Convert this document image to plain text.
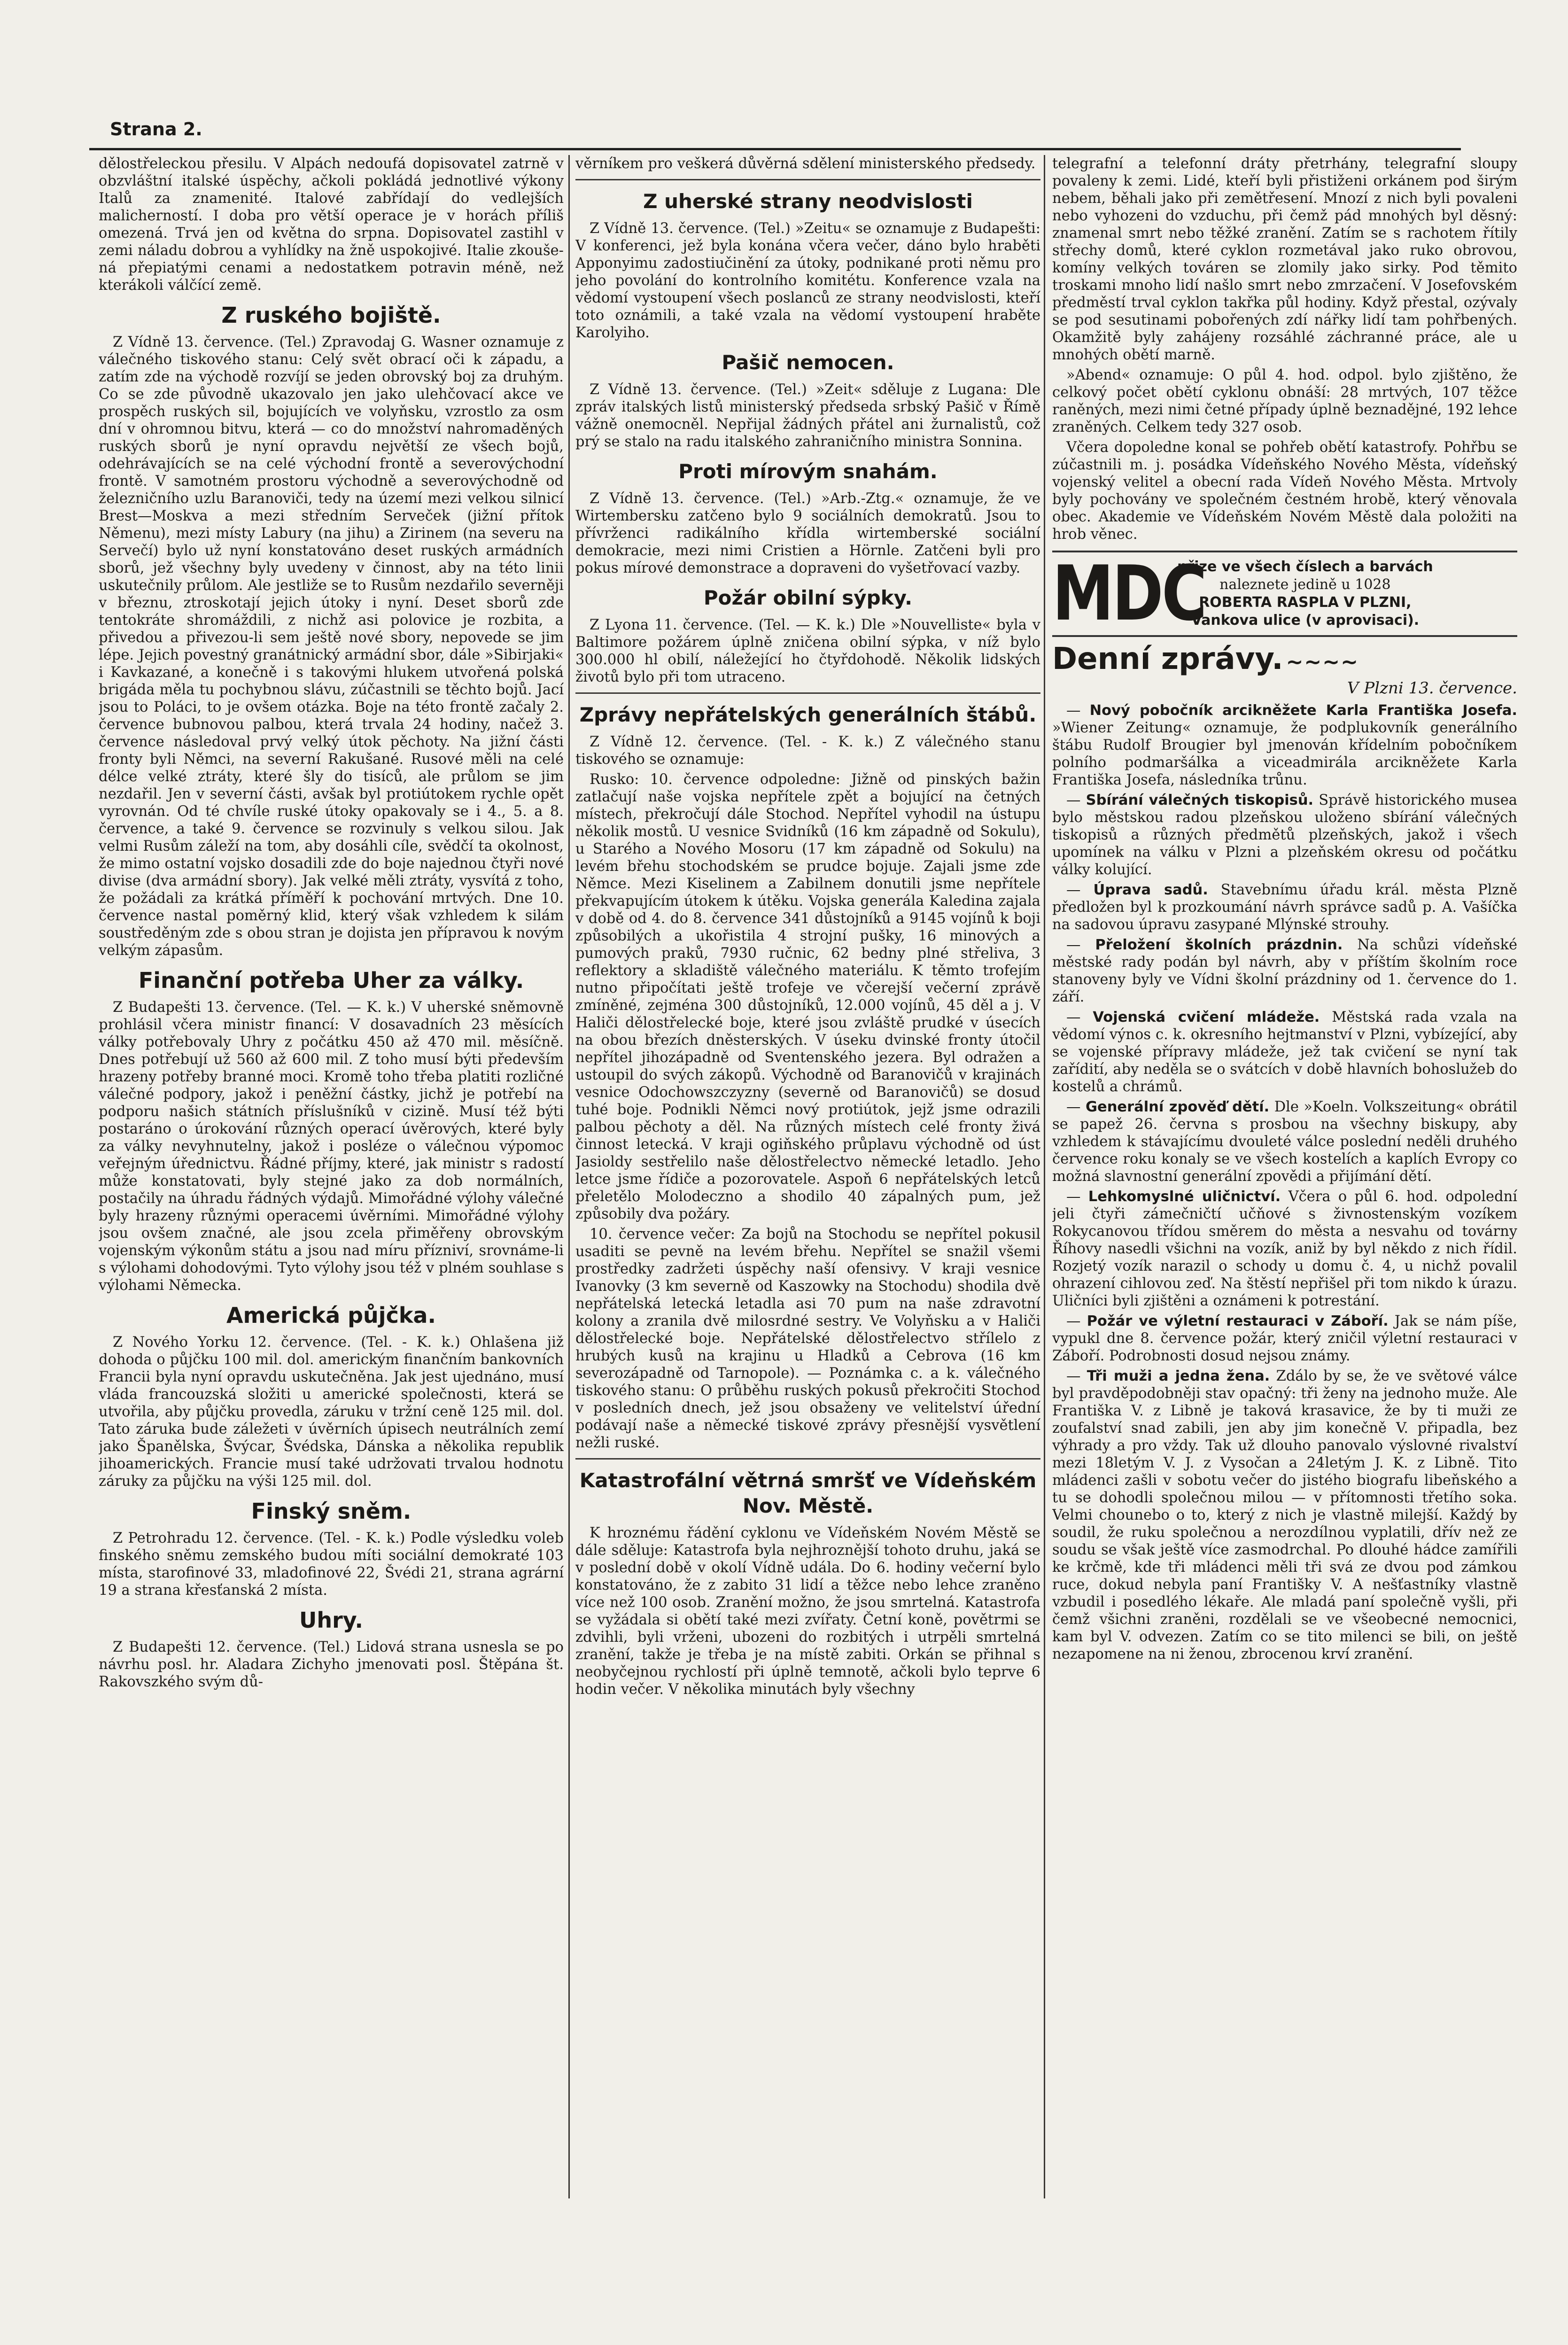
Strana 2.

dělostřeleckou přesilu. V Alpách nedoufá dopisovatel zatrně v obzvláštní italské úspěchy, ačkoli pokládá jednotlivé výkony Italů za znamenité. Italové zabřídají do vedlejších malicherností. I doba pro větší operace je v horách příliš omezená. Trvá jen od května do srpna. Dopisovatel zastihl v zemi náladu dobrou a vyhlídky na žně uspokojivé. Italie zkouše-ná přepiatými cenami a nedostatkem potravin méně, než kterákoli válčící země.

Z ruského bojiště.

Z Vídně 13. července. (Tel.) Zpravodaj G. Wasner oznamuje z válečného tiskového stanu: Celý svět obrací oči k západu, a zatím zde na východě rozvíjí se jeden obrovský boj za druhým. Co se zde původně ukazovalo jen jako ulehčovací akce ve prospěch ruských sil, bojujících ve volyňsku, vzrostlo za osm dní v ohromnou bitvu, která — co do množství nahromaděných ruských sborů je nyní opravdu největší ze všech bojů, odehrávajících se na celé východní frontě a severovýchodní frontě. V samotném prostoru východně a severovýchodně od železničního uzlu Baranoviči, tedy na území mezi velkou silnicí Brest—Moskva a mezi středním Serveček (jižní přítok Němenu), mezi místy Labury (na jihu) a Zirinem (na severu na Servečí) bylo už nyní konstatováno deset ruských armádních sborů, jež všechny byly uvedeny v činnost, aby na této linii uskutečnily průlom. Ale jestliže se to Rusům nezdařilo severněji v březnu, ztroskotají jejich útoky i nyní. Deset sborů zde tentokráte shromáždili, z nichž asi polovice je rozbita, a přivedou a přivezou-li sem ještě nové sbory, nepovede se jim lépe. Jejich povestný granátnický armádní sbor, dále »Sibirjaki« i Kavkazané, a konečně i s takovými hlukem utvořená polská brigáda měla tu pochybnou slávu, zúčastnili se těchto bojů. Jací jsou to Poláci, to je ovšem otázka. Boje na této frontě začaly 2. července bubnovou palbou, která trvala 24 hodiny, načež 3. července následoval prvý velký útok pěchoty. Na jižní části fronty byli Němci, na severní Rakušané. Rusové měli na celé délce velké ztráty, které šly do tisíců, ale průlom se jim nezdařil. Jen v severní části, avšak byl protiútokem rychle opět vyrovnán. Od té chvíle ruské útoky opakovaly se i 4., 5. a 8. července, a také 9. července se rozvinuly s velkou silou. Jak velmi Rusům záleží na tom, aby dosáhli cíle, svědčí ta okolnost, že mimo ostatní vojsko dosadili zde do boje najednou čtyři nové divise (dva armádní sbory). Jak velké měli ztráty, vysvítá z toho, že požádali za krátká příměří k pochování mrtvých. Dne 10. července nastal poměrný klid, který však vzhledem k silám soustředěným zde s obou stran je dojista jen přípravou k novým velkým zápasům.

Finanční potřeba Uher za války.

Z Budapešti 13. července. (Tel. — K. k.) V uherské sněmovně prohlásil včera ministr financí: V dosavadních 23 měsících války potřebovaly Uhry z počátku 450 až 470 mil. měsíčně. Dnes potřebují už 560 až 600 mil. Z toho musí býti především hrazeny potřeby branné moci. Kromě toho třeba platiti rozličné válečné podpory, jakož i peněžní částky, jichž je potřebí na podporu našich státních příslušníků v cizině. Musí též býti postaráno o úrokování různých operací úvěrových, které byly za války nevyhnutelny, jakož i posléze o válečnou výpomoc veřejným úřednictvu. Řádné příjmy, které, jak ministr s radostí může konstatovati, byly stejné jako za dob normálních, postačily na úhradu řádných výdajů. Mimořádné výlohy válečné byly hrazeny různými operacemi úvěrními. Mimořádné výlohy jsou ovšem značné, ale jsou zcela přiměřeny obrovským vojenským výkonům státu a jsou nad míru přízniví, srovnáme-li s výlohami dohodovými. Tyto výlohy jsou též v plném souhlase s výlohami Německa.

Americká půjčka.

Z Nového Yorku 12. července. (Tel. - K. k.) Ohlašena již dohoda o půjčku 100 mil. dol. americkým finančním bankovních Francii byla nyní opravdu uskutečněna. Jak jest ujednáno, musí vláda francouzská složiti u americké společnosti, která se utvořila, aby půjčku provedla, záruku v tržní ceně 125 mil. dol. Tato záruka bude záležeti v úvěrních úpisech neutrálních zemí jako Španělska, Švýcar, Švédska, Dánska a několika republik jihoamerických. Francie musí také udržovati trvalou hodnotu záruky za půjčku na výši 125 mil. dol.

Finský sněm.

Z Petrohradu 12. července. (Tel. - K. k.) Podle výsledku voleb finského sněmu zemského budou míti sociální demokraté 103 místa, starofinové 33, mladofinové 22, Švédi 21, strana agrární 19 a strana křesťanská 2 místa.

Uhry.

Z Budapešti 12. července. (Tel.) Lidová strana usnesla se po návrhu posl. hr. Aladara Zichyho jmenovati posl. Štěpána št. Rakovszkého svým dů-

věrníkem pro veškerá důvěrná sdělení ministerského předsedy.

Z uherské strany neodvislosti

Z Vídně 13. července. (Tel.) »Zeitu« se oznamuje z Budapešti: V konferenci, jež byla konána včera večer, dáno bylo hraběti Apponyimu zadostiučinění za útoky, podnikané proti němu pro jeho povolání do kontrolního komitétu. Konference vzala na vědomí vystoupení všech poslanců ze strany neodvislosti, kteří toto oznámili, a také vzala na vědomí vystoupení hraběte Karolyiho.

Pašič nemocen.

Z Vídně 13. července. (Tel.) »Zeit« sděluje z Lugana: Dle zpráv italských listů ministerský předseda srbský Pašič v Římě vážně onemocněl. Nepřijal žádných přátel ani žurnalistů, což prý se stalo na radu italského zahraničního ministra Sonnina.

Proti mírovým snahám.

Z Vídně 13. července. (Tel.) »Arb.-Ztg.« oznamuje, že ve Wirtembersku zatčeno bylo 9 sociálních demokratů. Jsou to přívrženci radikálního křídla wirtemberské sociální demokracie, mezi nimi Cristien a Hörnle. Zatčeni byli pro pokus mírové demonstrace a dopraveni do vyšetřovací vazby.

Požár obilní sýpky.

Z Lyona 11. července. (Tel. — K. k.) Dle »Nouvelliste« byla v Baltimore požárem úplně zničena obilní sýpka, v níž bylo 300.000 hl obilí, náležející ho čtyřdohodě. Několik lidských životů bylo při tom utraceno.

Zprávy nepřátelských generálních štábů.

Z Vídně 12. července. (Tel. - K. k.) Z válečného stanu tiskového se oznamuje:

Rusko: 10. července odpoledne: Jižně od pinských bažin zatlačují naše vojska nepřítele zpět a bojující na četných místech, překročují dále Stochod. Nepřítel vyhodil na ústupu několik mostů. U vesnice Svidníků (16 km západně od Sokulu), u Starého a Nového Mosoru (17 km západně od Sokulu) na levém břehu stochodském se prudce bojuje. Zajali jsme zde Němce. Mezi Kiselinem a Zabilnem donutili jsme nepřítele překvapujícím útokem k útěku. Vojska generála Kaledina zajala v době od 4. do 8. července 341 důstojníků a 9145 vojínů k boji způsobilých a ukořistila 4 strojní pušky, 16 minových a pumových praků, 7930 ručnic, 62 bedny plné střeliva, 3 reflektory a skladiště válečného materiálu. K těmto trofejím nutno připočítati ještě trofeje ve včerejší večerní zprávě zmíněné, zejména 300 důstojníků, 12.000 vojínů, 45 děl a j. V Haliči dělostřelecké boje, které jsou zvláště prudké v úsecích na obou březích dněsterských. V úseku dvinské fronty útočil nepřítel jihozápadně od Sventenského jezera. Byl odražen a ustoupil do svých zákopů. Východně od Baranovičů v krajinách vesnice Odochowszczyzny (severně od Baranovičů) se dosud tuhé boje. Podnikli Němci nový protiútok, jejž jsme odrazili palbou pěchoty a děl. Na různých místech celé fronty živá činnost letecká. V kraji ogiňského průplavu východně od úst Jasioldy sestřelilo naše dělostřelectvo německé letadlo. Jeho letce jsme řídiče a pozorovatele. Aspoň 6 nepřátelských letců přeletělo Molodeczno a shodilo 40 zápalných pum, jež způsobily dva požáry.

10. července večer: Za bojů na Stochodu se nepřítel pokusil usaditi se pevně na levém břehu. Nepřítel se snažil všemi prostředky zadržeti úspěchy naší ofensivy. V kraji vesnice Ivanovky (3 km severně od Kaszowky na Stochodu) shodila dvě nepřátelská letecká letadla asi 70 pum na naše zdravotní kolony a zranila dvě milosrdné sestry. Ve Volyňsku a v Haliči dělostřelecké boje. Nepřátelské dělostřelectvo střílelo z hrubých kusů na krajinu u Hladků a Cebrova (16 km severozápadně od Tarnopole). — Poznámka c. a k. válečného tiskového stanu: O průběhu ruských pokusů překročiti Stochod v posledních dnech, jež jsou obsaženy ve velitelství úřední podávají naše a německé tiskové zprávy přesnější vysvětlení nežli ruské.

Katastrofální větrná smršť ve Vídeňském Nov. Městě.

K hroznému řádění cyklonu ve Vídeňském Novém Městě se dále sděluje: Katastrofa byla nejhroznější tohoto druhu, jaká se v poslední době v okolí Vídně udála. Do 6. hodiny večerní bylo konstatováno, že z zabito 31 lidí a těžce nebo lehce zraněno více než 100 osob. Zranění možno, že jsou smrtelná. Katastrofa se vyžádala si obětí také mezi zvířaty. Četní koně, povětrmi se zdvihli, byli vrženi, ubozeni do rozbitých i utrpěli smrtelná zranění, takže je třeba je na místě zabiti. Orkán se přihnal s neobyčejnou rychlostí při úplně temnotě, ačkoli bylo teprve 6 hodin večer. V několika minutách byly všechny

telegrafní a telefonní dráty přetrhány, telegrafní sloupy povaleny k zemi. Lidé, kteří byli přistiženi orkánem pod širým nebem, běhali jako při zemětřesení. Mnozí z nich byli povaleni nebo vyhozeni do vzduchu, při čemž pád mnohých byl děsný: znamenal smrt nebo těžké zranění. Zatím se s rachotem řítily střechy domů, které cyklon rozmetával jako ruko obrovou, komíny velkých továren se zlomily jako sirky. Pod těmito troskami mnoho lidí našlo smrt nebo zmrzačení. V Josefovském předměstí trval cyklon takřka půl hodiny. Když přestal, ozývaly se pod sesutinami pobořených zdí nářky lidí tam pohřbených. Okamžitě byly zahájeny rozsáhlé záchranné práce, ale u mnohých obětí marně.

»Abend« oznamuje: O půl 4. hod. odpol. bylo zjištěno, že celkový počet obětí cyklonu obnáší: 28 mrtvých, 107 těžce raněných, mezi nimi četné případy úplně beznadějné, 192 lehce zraněných. Celkem tedy 327 osob.

Včera dopoledne konal se pohřeb obětí katastrofy. Pohřbu se zúčastnili m. j. posádka Vídeňského Nového Města, vídeňský vojenský velitel a obecní rada Vídeň Nového Města. Mrtvoly byly pochovány ve společném čestném hrobě, který věnovala obec. Akademie ve Vídeňském Novém Městě dala položiti na hrob věnec.

MDC
přize ve všech číslech a barvách

naleznete jedině u 1028
ROBERTA RASPLA V PLZNI,
Vankova ulice (v aprovisaci).
Denní zprávy. ~~~~
V Plzni 13. července.

— Nový pobočník arcikněžete Karla Františka Josefa. »Wiener Zeitung« oznamuje, že podplukovník generálního štábu Rudolf Brougier byl jmenován křídelním pobočníkem polního podmaršálka a viceadmirála arcikněžete Karla Františka Josefa, následníka trůnu.

— Sbírání válečných tiskopisů. Správě historického musea bylo městskou radou plzeňskou uloženo sbírání válečných tiskopisů a různých předmětů plzeňských, jakož i všech upomínek na válku v Plzni a plzeňském okresu od počátku války kolující.

— Úprava sadů. Stavebnímu úřadu král. města Plzně předložen byl k prozkoumání návrh správce sadů p. A. Vašíčka na sadovou úpravu zasypané Mlýnské strouhy.

— Přeložení školních prázdnin. Na schůzi vídeňské městské rady podán byl návrh, aby v příštím školním roce stanoveny byly ve Vídni školní prázdniny od 1. července do 1. září.

— Vojenská cvičení mládeže. Městská rada vzala na vědomí výnos c. k. okresního hejtmanství v Plzni, vybízející, aby se vojenské přípravy mládeže, jež tak cvičení se nyní tak zařídití, aby neděla se o svátcích v době hlavních bohoslužeb do kostelů a chrámů.

— Generální zpověď dětí. Dle »Koeln. Volkszeitung« obrátil se papež 26. června s prosbou na všechny biskupy, aby vzhledem k stávajícímu dvouleté válce poslední neděli druhého července roku konaly se ve všech kostelích a kaplích Evropy co možná slavnostní generální zpovědi a přijímání dětí.

— Lehkomyslné uličnictví. Včera o půl 6. hod. odpolední jeli čtyři zámečničtí učňové s živnostenským vozíkem Rokycanovou třídou směrem do města a nesvahu od továrny Říhovy nasedli všichni na vozík, aniž by byl někdo z nich řídil. Rozjetý vozík narazil o schody u domu č. 4, u nichž povalil ohrazení cihlovou zeď. Na štěstí nepřišel při tom nikdo k úrazu. Uličníci byli zjištěni a oznámeni k potrestání.

— Požár ve výletní restauraci v Záboří. Jak se nám píše, vypukl dne 8. července požár, který zničil výletní restauraci v Záboří. Podrobnosti dosud nejsou známy.

— Tři muži a jedna žena. Zdálo by se, že ve světové válce byl pravděpodobněji stav opačný: tři ženy na jednoho muže. Ale Františka V. z Libně je taková krasavice, že by ti muži ze zoufalství snad zabili, jen aby jim konečně V. připadla, bez výhrady a pro vždy. Tak už dlouho panovalo výslovné rivalství mezi 18letým V. J. z Vysočan a 24letým J. K. z Libně. Tito mládenci zašli v sobotu večer do jistého biografu libeňského a tu se dohodli společnou milou — v přítomnosti třetího soka. Velmi chounebo o to, který z nich je vlastně milejší. Každý by soudil, že ruku společnou a nerozdílnou vyplatili, dřív než ze soudu se však ještě více zasmodrchal. Po dlouhé hádce zamířili ke krčmě, kde tři mládenci měli tři svá ze dvou pod zámkou ruce, dokud nebyla paní Františky V. A nešťastníky vlastně vzbudil i posedlého lékaře. Ale mladá paní společně vyšli, při čemž všichni zraněni, rozdělali se ve všeobecné nemocnici, kam byl V. odvezen. Zatím co se tito milenci se bili, on ještě nezapomene na ni ženou, zbrocenou krví zranění.
